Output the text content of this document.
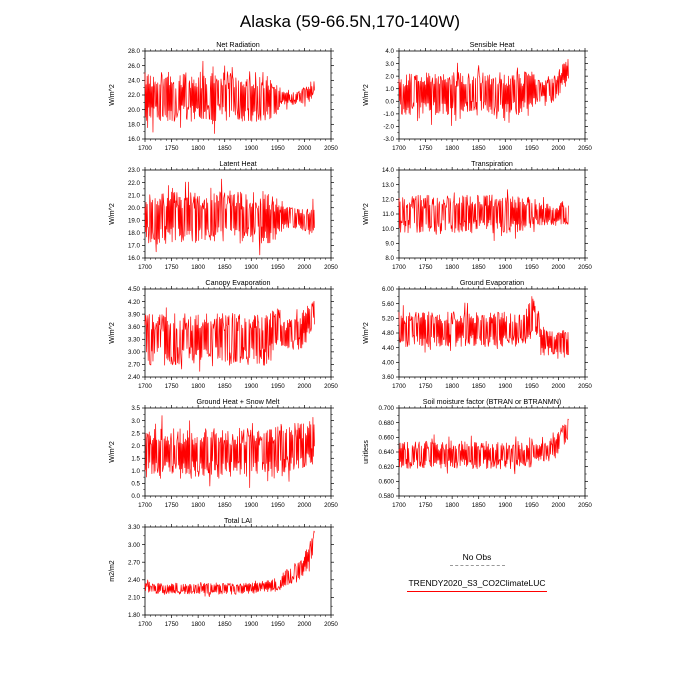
Alaska (59-66.5N,170-140W)
Net Radiation
W/m^2
1700 1750 1800 1850 1900 1950 2000 2050
16.0
18.0
20.0
22.0
24.0
26.0
28.0
Sensible Heat
W/m^2
1700 1750 1800 1850 1900 1950 2000 2050
-3.0
-2.0
-1.0
0.0
1.0
2.0
3.0
4.0
Latent Heat
W/m^2
1700 1750 1800 1850 1900 1950 2000 2050
16.0
17.0
18.0
19.0
20.0
21.0
22.0
23.0
Transpiration
W/m^2
1700 1750 1800 1850 1900 1950 2000 2050
8.0
9.0
10.0
11.0
12.0
13.0
14.0
Canopy Evaporation
W/m^2
1700 1750 1800 1850 1900 1950 2000 2050
2.40
2.70
3.00
3.30
3.60
3.90
4.20
4.50
Ground Evaporation
W/m^2
1700 1750 1800 1850 1900 1950 2000 2050
3.60
4.00
4.40
4.80
5.20
5.60
6.00
Ground Heat + Snow Melt
W/m^2
1700 1750 1800 1850 1900 1950 2000 2050
0.0
0.5
1.0
1.5
2.0
2.5
3.0
3.5
Soil moisture factor (BTRAN or BTRANMN)
unitless
1700 1750 1800 1850 1900 1950 2000 2050
0.580
0.600
0.620
0.640
0.660
0.680
0.700
Total LAI
m2/m2
1700 1750 1800 1850 1900 1950 2000 2050
1.80
2.10
2.40
2.70
3.00
3.30
No Obs
TRENDY2020_S3_CO2ClimateLUC
